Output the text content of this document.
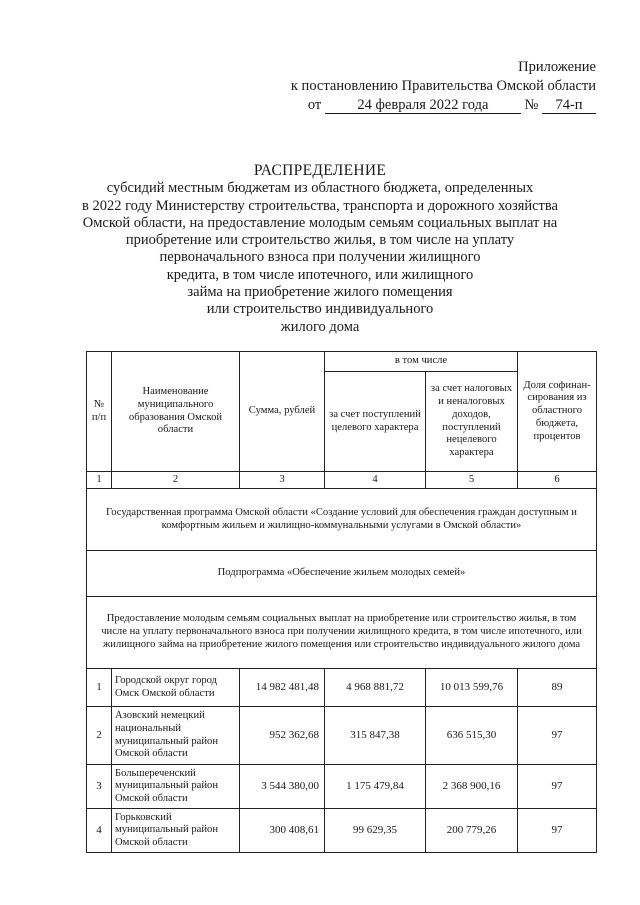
Приложение
к постановлению Правительства Омской области
от 24 февраля 2022 года № 74-п
РАСПРЕДЕЛЕНИЕ
субсидий местным бюджетам из областного бюджета, определенных
в 2022 году Министерству строительства, транспорта и дорожного хозяйства
Омской области, на предоставление молодым семьям социальных выплат на
приобретение или строительство жилья, в том числе на уплату
первоначального взноса при получении жилищного
кредита, в том числе ипотечного, или жилищного
займа на приобретение жилого помещения
или строительство индивидуального
жилого дома
№ п/п	Наименование муниципального образования Омской области	Сумма, рублей	в том числе		Доля софинан-сирования из областного бюджета, процентов
			за счет поступлений целевого характера	за счет налоговых и неналоговых доходов, поступлений нецелевого характера	
1	2	3	4	5	6
Государственная программа Омской области «Создание условий для обеспечения граждан доступным и комфортным жильем и жилищно-коммунальными услугами в Омской области»					
Подпрограмма «Обеспечение жильем молодых семей»					
Предоставление молодым семьям социальных выплат на приобретение или строительство жилья, в том числе на уплату первоначального взноса при получении жилищного кредита, в том числе ипотечного, или жилищного займа на приобретение жилого помещения или строительство индивидуального жилого дома					
1	Городской округ город Омск Омской области	14 982 481,48	4 968 881,72	10 013 599,76	89
2	Азовский немецкий национальный муниципальный район Омской области	952 362,68	315 847,38	636 515,30	97
3	Большереченский муниципальный район Омской области	3 544 380,00	1 175 479,84	2 368 900,16	97
4	Горьковский муниципальный район Омской области	300 408,61	99 629,35	200 779,26	97
